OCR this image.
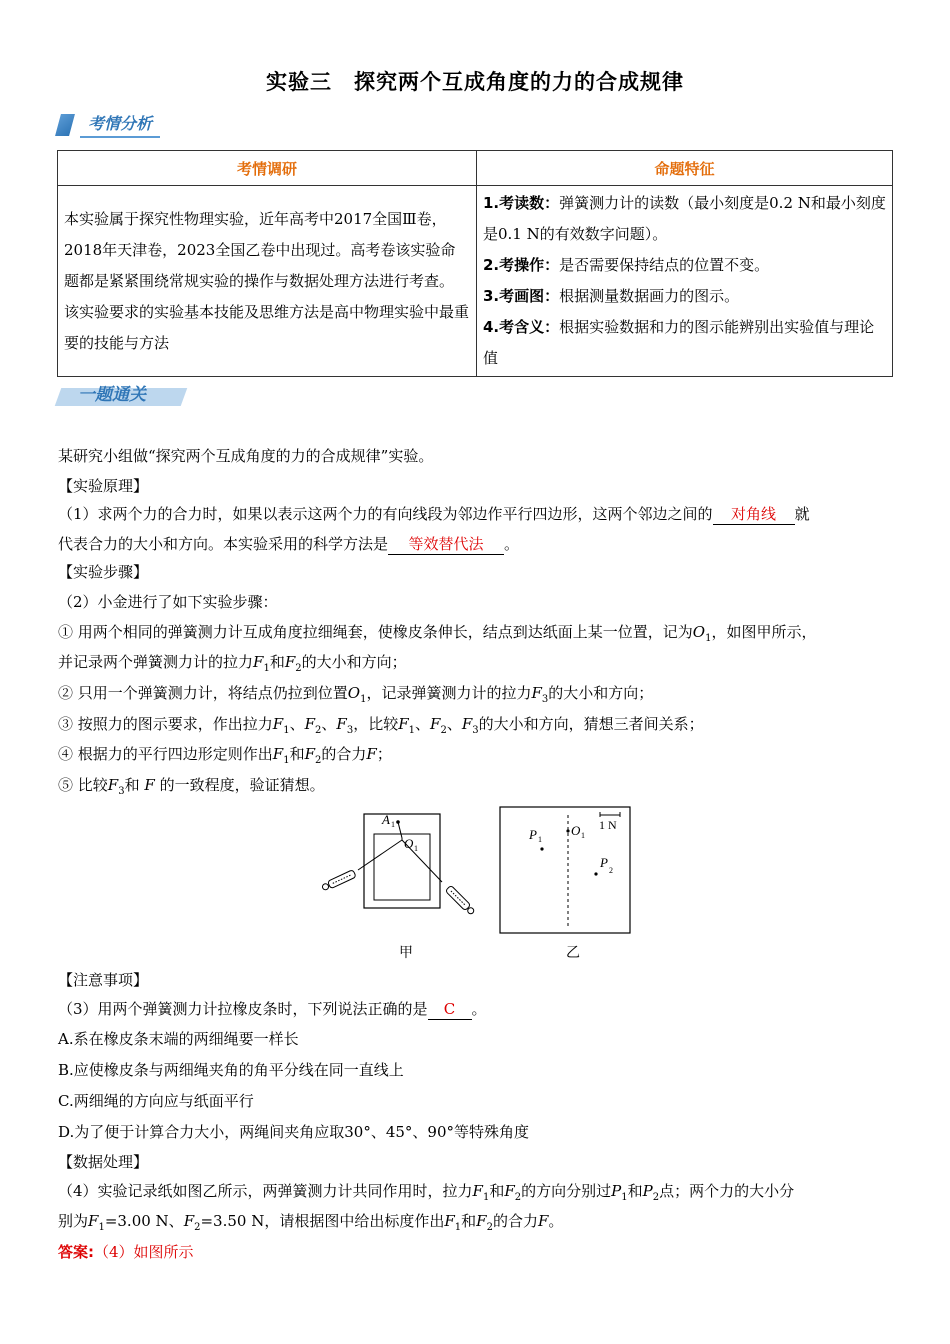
实验三　探究两个互成角度的力的合成规律
考情分析
考情调研	命题特征
本实验属于探究性物理实验，近年高考中2017全国Ⅲ卷，2018年天津卷，2023全国乙卷中出现过。高考卷该实验命题都是紧紧围绕常规实验的操作与数据处理方法进行考查。 该实验要求的实验基本技能及思维方法是高中物理实验中最重要的技能与方法	1.考读数：弹簧测力计的读数（最小刻度是0.2 N和最小刻度是0.1 N的有效数字问题）。
2.考操作：是否需要保持结点的位置不变。
3.考画图：根据测量数据画力的图示。
4.考含义：根据实验数据和力的图示能辨别出实验值与理论值
一题通关
某研究小组做“探究两个互成角度的力的合成规律”实验。
【实验原理】
（1）求两个力的合力时，如果以表示这两个力的有向线段为邻边作平行四边形，这两个邻边之间的 对角线 就
代表合力的大小和方向。本实验采用的科学方法是 等效替代法 。
【实验步骤】
（2）小金进行了如下实验步骤：
① 用两个相同的弹簧测力计互成角度拉细绳套，使橡皮条伸长，结点到达纸面上某一位置，记为$O_1$，如图甲所示，
并记录两个弹簧测力计的拉力$F_1$和$F_2$的大小和方向；
② 只用一个弹簧测力计，将结点仍拉到位置$O_1$，记录弹簧测力计的拉力$F_3$的大小和方向；
③ 按照力的图示要求，作出拉力$F_1$、$F_2$、$F_3$，比较$F_1$、$F_2$、$F_3$的大小和方向，猜想三者间关系；
④ 根据力的平行四边形定则作出$F_1$和$F_2$的合力F；
⑤ 比较$F_3$和 F 的一致程度，验证猜想。
A 1
O 1
甲
O 1
P 1
P
2
1 N
乙
【注意事项】
（3）用两个弹簧测力计拉橡皮条时，下列说法正确的是 C 。
A.系在橡皮条末端的两细绳要一样长
B.应使橡皮条与两细绳夹角的角平分线在同一直线上
C.两细绳的方向应与纸面平行
D.为了便于计算合力大小，两绳间夹角应取30°、45°、90°等特殊角度
【数据处理】
（4）实验记录纸如图乙所示，两弹簧测力计共同作用时，拉力$F_1$和$F_2$的方向分别过$P_1$和$P_2$点；两个力的大小分
别为$F_1=3.00$ N、$F_2=3.50$ N，请根据图中给出标度作出$F_1$和$F_2$的合力F。
答案:（4）如图所示
